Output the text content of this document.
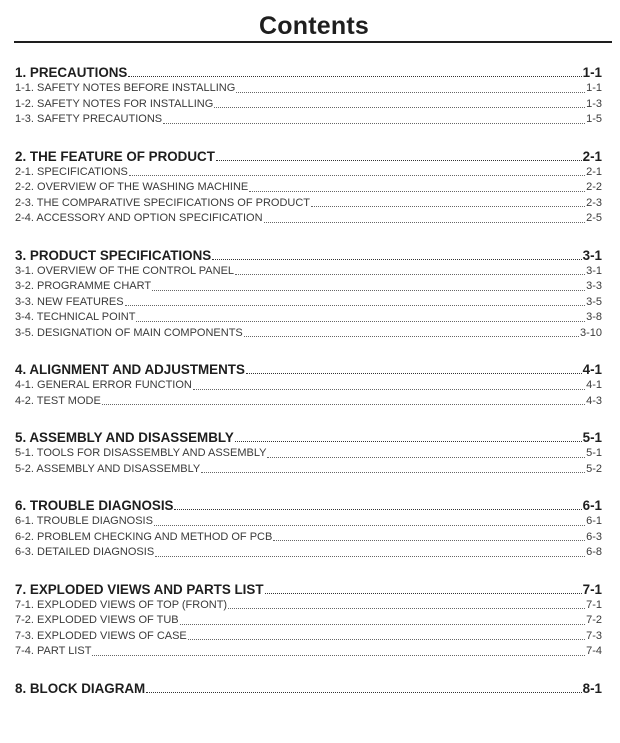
Contents
1. PRECAUTIONS	1-1
1-1. SAFETY NOTES BEFORE INSTALLING	1-1
1-2. SAFETY NOTES FOR INSTALLING	1-3
1-3. SAFETY PRECAUTIONS	1-5
2. THE FEATURE OF PRODUCT	2-1
2-1. SPECIFICATIONS	2-1
2-2. OVERVIEW OF THE WASHING MACHINE	2-2
2-3. THE COMPARATIVE SPECIFICATIONS OF PRODUCT	2-3
2-4. ACCESSORY AND OPTION SPECIFICATION	2-5
3. PRODUCT SPECIFICATIONS	3-1
3-1. OVERVIEW OF THE CONTROL PANEL	3-1
3-2. PROGRAMME CHART	3-3
3-3. NEW FEATURES	3-5
3-4. TECHNICAL POINT	3-8
3-5. DESIGNATION OF MAIN COMPONENTS	3-10
4. ALIGNMENT AND ADJUSTMENTS	4-1
4-1. GENERAL ERROR FUNCTION	4-1
4-2. TEST MODE	4-3
5. ASSEMBLY AND DISASSEMBLY	5-1
5-1. TOOLS FOR DISASSEMBLY AND ASSEMBLY	5-1
5-2. ASSEMBLY AND DISASSEMBLY	5-2
6. TROUBLE DIAGNOSIS	6-1
6-1. TROUBLE DIAGNOSIS	6-1
6-2. PROBLEM CHECKING AND METHOD OF PCB	6-3
6-3. DETAILED DIAGNOSIS	6-8
7. EXPLODED VIEWS AND PARTS LIST	7-1
7-1. EXPLODED VIEWS OF TOP (FRONT)	7-1
7-2. EXPLODED VIEWS OF TUB	7-2
7-3. EXPLODED VIEWS OF CASE	7-3
7-4. PART LIST	7-4
8. BLOCK DIAGRAM	8-1
